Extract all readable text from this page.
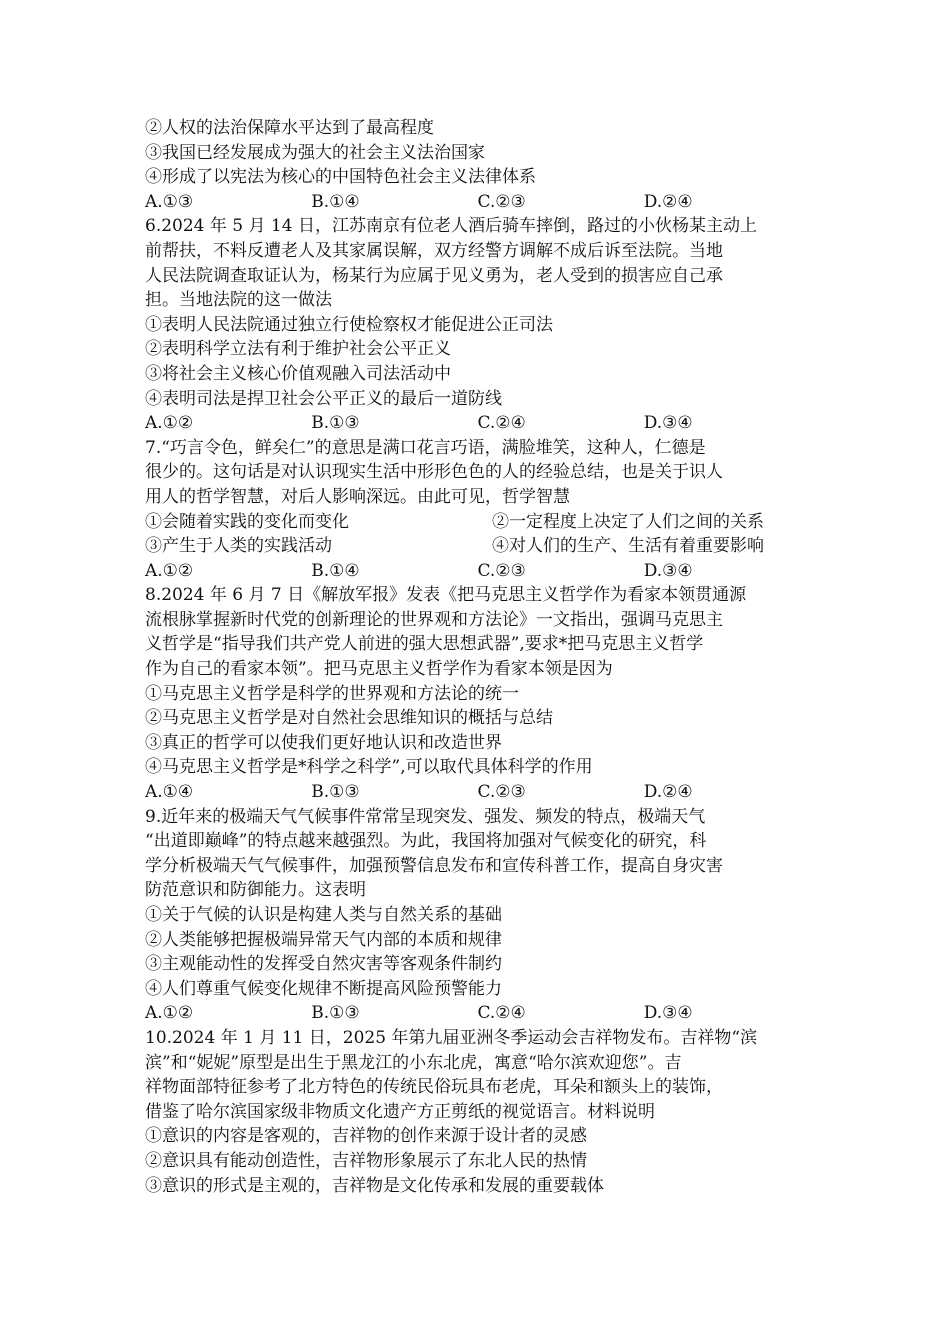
②人权的法治保障水平达到了最高程度
③我国已经发展成为强大的社会主义法治国家
④形成了以宪法为核心的中国特色社会主义法律体系
A.①③	B.①④	C.②③	D.②④
6.2024 年 5 月 14 日，江苏南京有位老人酒后骑车摔倒，路过的小伙杨某主动上
前帮扶，不料反遭老人及其家属误解，双方经警方调解不成后诉至法院。当地
人民法院调查取证认为，杨某行为应属于见义勇为，老人受到的损害应自己承
担。当地法院的这一做法
①表明人民法院通过独立行使检察权才能促进公正司法
②表明科学立法有利于维护社会公平正义
③将社会主义核心价值观融入司法活动中
④表明司法是捍卫社会公平正义的最后一道防线
A.①②	B.①③	C.②④	D.③④
7.“巧言令色，鲜矣仁”的意思是满口花言巧语，满脸堆笑，这种人，仁德是
很少的。这句话是对认识现实生活中形形色色的人的经验总结，也是关于识人
用人的哲学智慧，对后人影响深远。由此可见，哲学智慧
①会随着实践的变化而变化	②一定程度上决定了人们之间的关系
③产生于人类的实践活动	④对人们的生产、生活有着重要影响
A.①②	B.①④	C.②③	D.③④
8.2024 年 6 月 7 日《解放军报》发表《把马克思主义哲学作为看家本领贯通源
流根脉掌握新时代党的创新理论的世界观和方法论》一文指出，强调马克思主
义哲学是“指导我们共产党人前进的强大思想武器”,要求*把马克思主义哲学
作为自己的看家本领”。把马克思主义哲学作为看家本领是因为
①马克思主义哲学是科学的世界观和方法论的统一
②马克思主义哲学是对自然社会思维知识的概括与总结
③真正的哲学可以使我们更好地认识和改造世界
④马克思主义哲学是*科学之科学”,可以取代具体科学的作用
A.①④	B.①③	C.②③	D.②④
9.近年来的极端天气气候事件常常呈现突发、强发、频发的特点，极端天气
“出道即巅峰”的特点越来越强烈。为此，我国将加强对气候变化的研究，科
学分析极端天气气候事件，加强预警信息发布和宣传科普工作，提高自身灾害
防范意识和防御能力。这表明
①关于气候的认识是构建人类与自然关系的基础
②人类能够把握极端异常天气内部的本质和规律
③主观能动性的发挥受自然灾害等客观条件制约
④人们尊重气候变化规律不断提高风险预警能力
A.①②	B.①③	C.②④	D.③④
10.2024 年 1 月 11 日，2025 年第九届亚洲冬季运动会吉祥物发布。吉祥物“滨
滨”和“妮妮”原型是出生于黑龙江的小东北虎，寓意“哈尔滨欢迎您”。吉
祥物面部特征参考了北方特色的传统民俗玩具布老虎，耳朵和额头上的装饰，
借鉴了哈尔滨国家级非物质文化遗产方正剪纸的视觉语言。材料说明
①意识的内容是客观的，吉祥物的创作来源于设计者的灵感
②意识具有能动创造性，吉祥物形象展示了东北人民的热情
③意识的形式是主观的，吉祥物是文化传承和发展的重要载体
